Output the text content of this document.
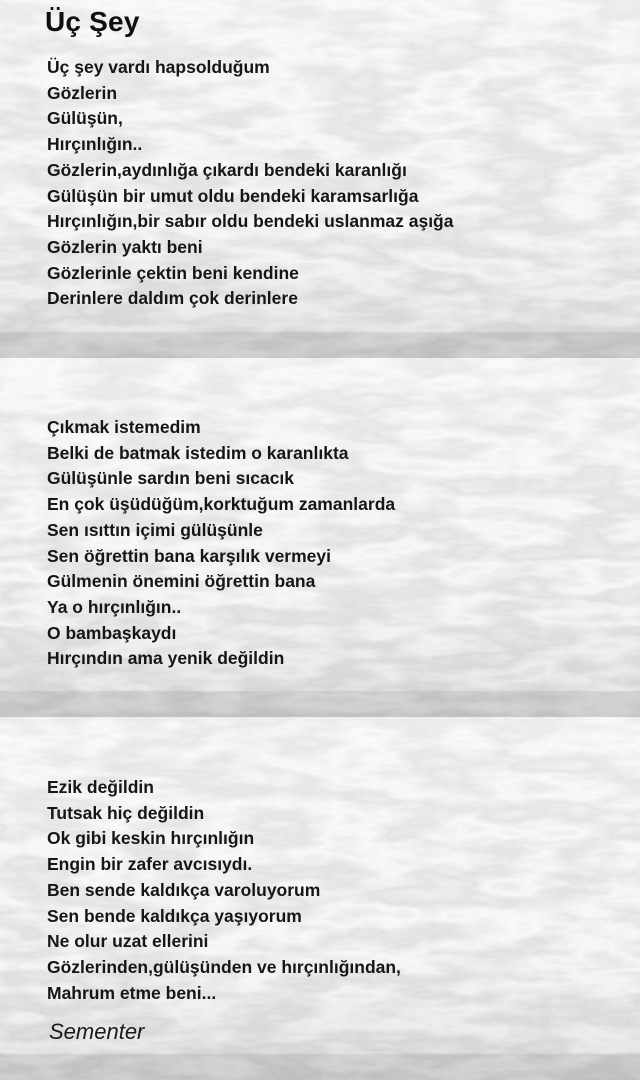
Üç Şey
Üç şey vardı hapsolduğum
Gözlerin
Gülüşün,
Hırçınlığın..
Gözlerin,aydınlığa çıkardı bendeki karanlığı
Gülüşün bir umut oldu bendeki karamsarlığa
Hırçınlığın,bir sabır oldu bendeki uslanmaz aşığa
Gözlerin yaktı beni
Gözlerinle çektin beni kendine
Derinlere daldım çok derinlere
Çıkmak istemedim
Belki de batmak istedim o karanlıkta
Gülüşünle sardın beni sıcacık
En çok üşüdüğüm,korktuğum zamanlarda
Sen ısıttın içimi gülüşünle
Sen öğrettin bana karşılık vermeyi
Gülmenin önemini öğrettin bana
Ya o hırçınlığın..
O bambaşkaydı
Hırçındın ama yenik değildin
Ezik değildin
Tutsak hiç değildin
Ok gibi keskin hırçınlığın
Engin bir zafer avcısıydı.
Ben sende kaldıkça varoluyorum
Sen bende kaldıkça yaşıyorum
Ne olur uzat ellerini
Gözlerinden,gülüşünden ve hırçınlığından,
Mahrum etme beni...
Sementer
